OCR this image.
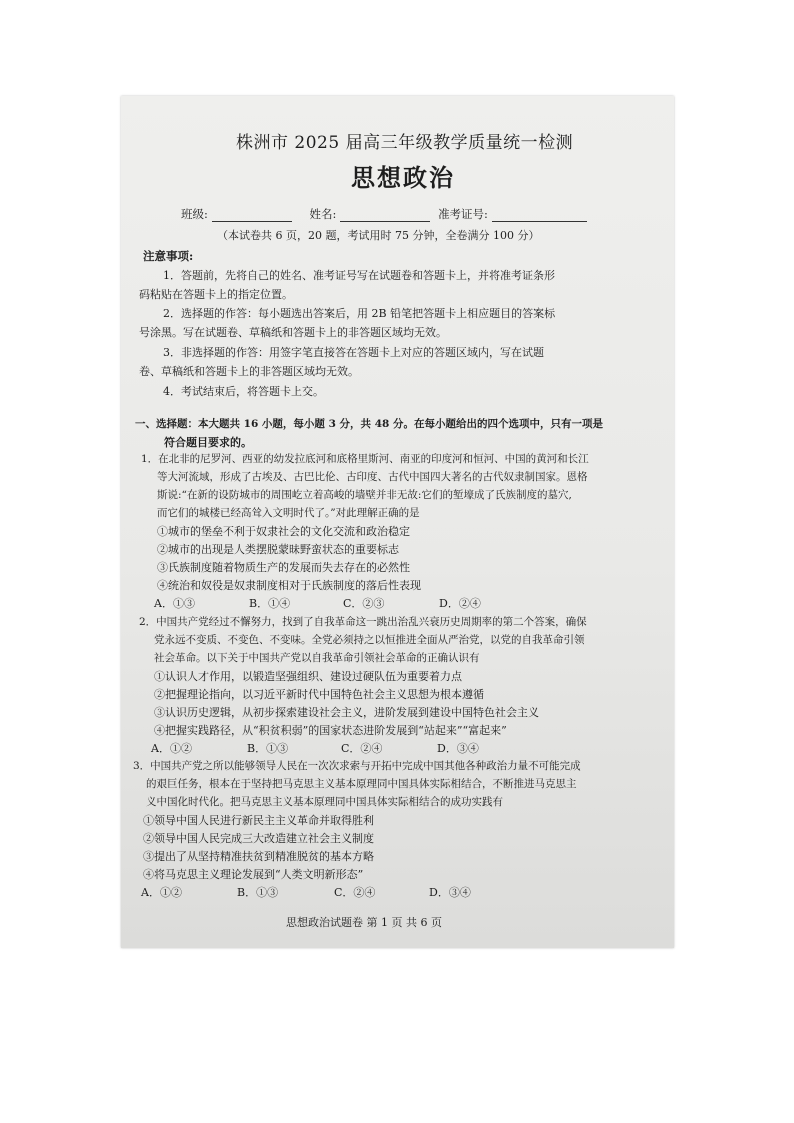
株洲市 2025 届高三年级教学质量统一检测
思想政治
班级:	姓名:	准考证号:
（本试卷共 6 页，20 题，考试用时 75 分钟，全卷满分 100 分）
注意事项:
1．答题前，先将自己的姓名、准考证号写在试题卷和答题卡上，并将准考证条形
码粘贴在答题卡上的指定位置。
2．选择题的作答：每小题选出答案后，用 2B 铅笔把答题卡上相应题目的答案标
号涂黑。写在试题卷、草稿纸和答题卡上的非答题区域均无效。
3．非选择题的作答：用签字笔直接答在答题卡上对应的答题区域内，写在试题
卷、草稿纸和答题卡上的非答题区域均无效。
4．考试结束后，将答题卡上交。
一、选择题：本大题共 16 小题，每小题 3 分，共 48 分。在每小题给出的四个选项中，只有一项是
符合题目要求的。
1．在北非的尼罗河、西亚的幼发拉底河和底格里斯河、南亚的印度河和恒河、中国的黄河和长江
等大河流域，形成了古埃及、古巴比伦、古印度、古代中国四大著名的古代奴隶制国家。恩格
斯说:“在新的设防城市的周围屹立着高峻的墙壁并非无故:它们的堑壕成了氏族制度的墓穴,
而它们的城楼已经高耸入文明时代了。”对此理解正确的是
①城市的堡垒不利于奴隶社会的文化交流和政治稳定
②城市的出现是人类摆脱蒙昧野蛮状态的重要标志
③氏族制度随着物质生产的发展而失去存在的必然性
④统治和奴役是奴隶制度相对于氏族制度的落后性表现
A．①③	B．①④	C．②③	D．②④
2．中国共产党经过不懈努力，找到了自我革命这一跳出治乱兴衰历史周期率的第二个答案，确保
党永远不变质、不变色、不变味。全党必须持之以恒推进全面从严治党，以党的自我革命引领
社会革命。以下关于中国共产党以自我革命引领社会革命的正确认识有
①认识人才作用，以锻造坚强组织、建设过硬队伍为重要着力点
②把握理论指向，以习近平新时代中国特色社会主义思想为根本遵循
③认识历史逻辑，从初步探索建设社会主义，进阶发展到建设中国特色社会主义
④把握实践路径，从“积贫积弱”的国家状态进阶发展到“站起来”“富起来”
A．①②	B．①③	C．②④	D．③④
3．中国共产党之所以能够领导人民在一次次求索与开拓中完成中国其他各种政治力量不可能完成
的艰巨任务，根本在于坚持把马克思主义基本原理同中国具体实际相结合，不断推进马克思主
义中国化时代化。把马克思主义基本原理同中国具体实际相结合的成功实践有
①领导中国人民进行新民主主义革命并取得胜利
②领导中国人民完成三大改造建立社会主义制度
③提出了从坚持精准扶贫到精准脱贫的基本方略
④将马克思主义理论发展到“人类文明新形态”
A．①②	B．①③	C．②④	D．③④
思想政治试题卷 第 1 页 共 6 页
